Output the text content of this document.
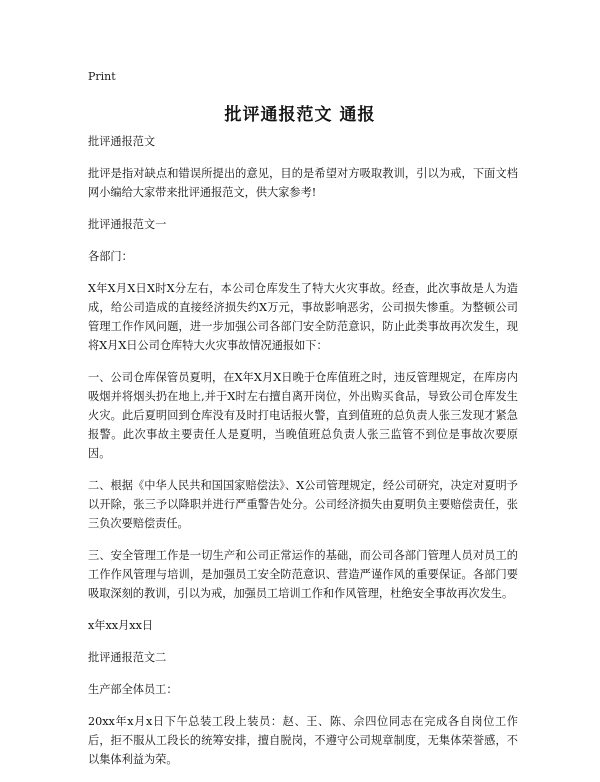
Print
批评通报范文 通报

批评通报范文

批评是指对缺点和错误所提出的意见，目的是希望对方吸取教训，引以为戒，下面文档网小编给大家带来批评通报范文，供大家参考!

批评通报范文一

各部门：

X年X月X日X时X分左右，本公司仓库发生了特大火灾事故。经查，此次事故是人为造成，给公司造成的直接经济损失约X万元，事故影响恶劣，公司损失惨重。为整顿公司管理工作作风问题，进一步加强公司各部门安全防范意识，防止此类事故再次发生，现将X月X日公司仓库特大火灾事故情况通报如下：

一、公司仓库保管员夏明，在X年X月X日晚于仓库值班之时，违反管理规定，在库房内吸烟并将烟头扔在地上,并于X时左右擅自离开岗位，外出购买食品，导致公司仓库发生火灾。此后夏明回到仓库没有及时打电话报火警，直到值班的总负责人张三发现才紧急报警。此次事故主要责任人是夏明，当晚值班总负责人张三监管不到位是事故次要原因。

二、根据《中华人民共和国国家赔偿法》、X公司管理规定，经公司研究，决定对夏明予以开除，张三予以降职并进行严重警告处分。公司经济损失由夏明负主要赔偿责任，张三负次要赔偿责任。

三、安全管理工作是一切生产和公司正常运作的基础，而公司各部门管理人员对员工的工作作风管理与培训，是加强员工安全防范意识、营造严谨作风的重要保证。各部门要吸取深刻的教训，引以为戒，加强员工培训工作和作风管理，杜绝安全事故再次发生。

x年xx月xx日

批评通报范文二

生产部全体员工：

20xx年x月x日下午总装工段上装员：赵、王、陈、佘四位同志在完成各自岗位工作后，拒不服从工段长的统筹安排，擅自脱岗，不遵守公司规章制度，无集体荣誉感，不以集体利益为荣。
